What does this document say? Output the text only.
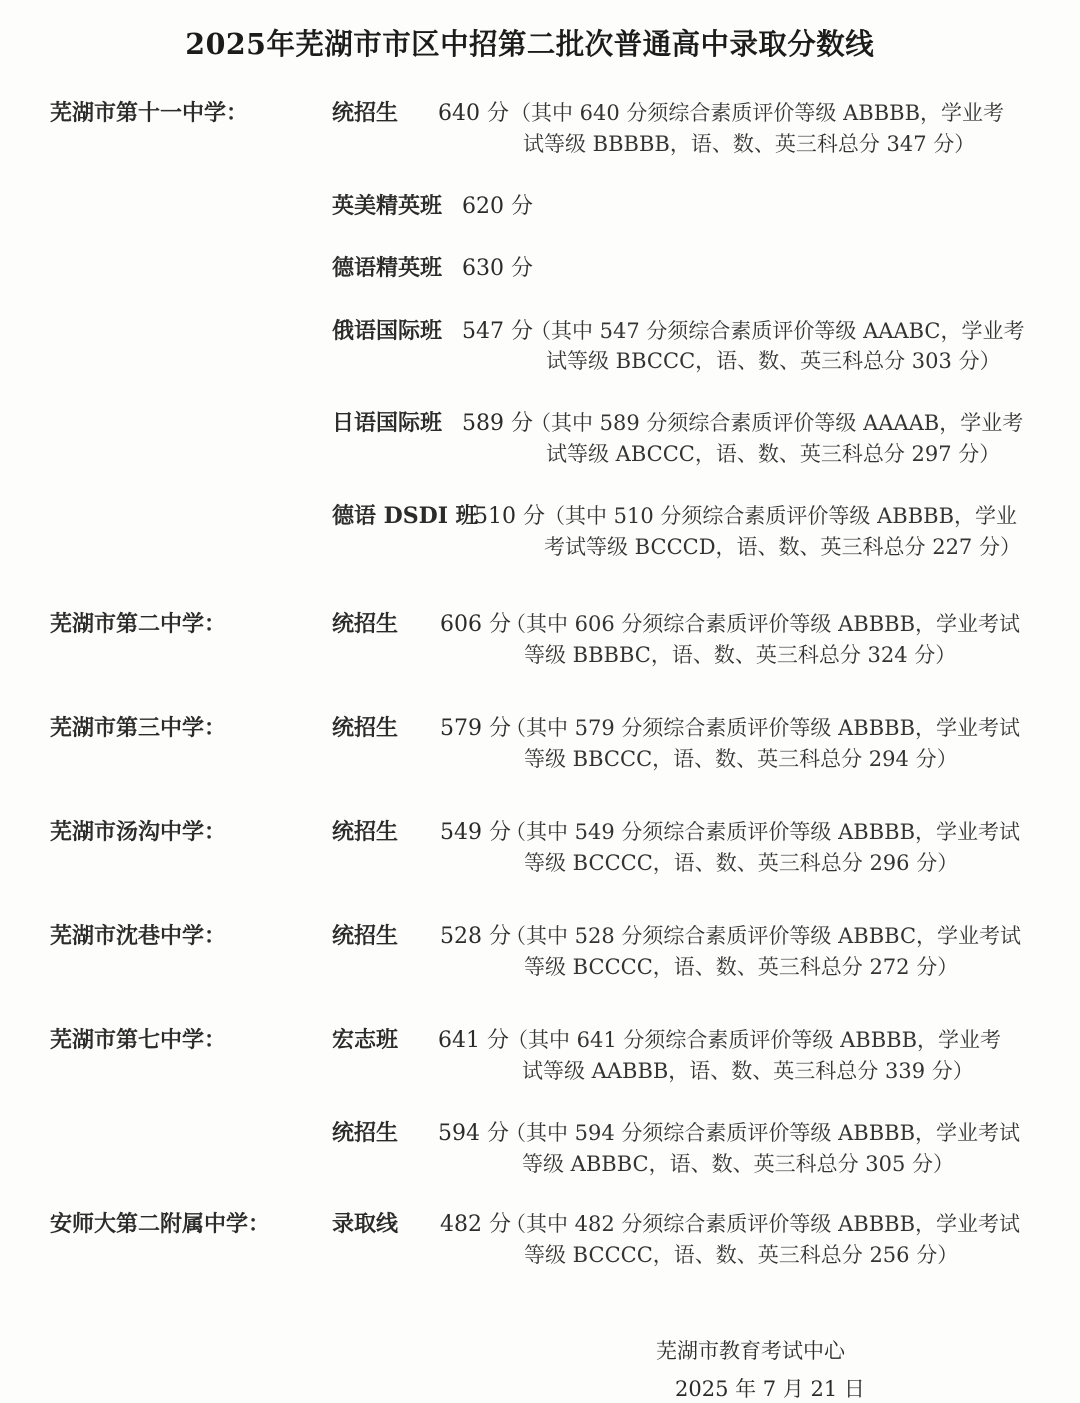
2025年芜湖市市区中招第二批次普通高中录取分数线
芜湖市第十一中学：	统招生 640 分 （其中 640 分须综合素质评价等级 ABBBB，学业考
试等级 BBBBB，语、数、英三科总分 347 分）
英美精英班 620 分
德语精英班 630 分
俄语国际班 547 分
（其中 547 分须综合素质评价等级 AAABC，学业考
试等级 BBCCC，语、数、英三科总分 303 分）
日语国际班 589 分
（其中 589 分须综合素质评价等级 AAAAB，学业考
试等级 ABCCC，语、数、英三科总分 297 分）
德语 DSDI 班
510 分 （其中 510 分须综合素质评价等级 ABBBB，学业
考试等级 BCCCD，语、数、英三科总分 227 分）
芜湖市第二中学：	统招生 606 分
（其中 606 分须综合素质评价等级 ABBBB，学业考试
等级 BBBBC，语、数、英三科总分 324 分）
芜湖市第三中学：	统招生 579 分
（其中 579 分须综合素质评价等级 ABBBB，学业考试
等级 BBCCC，语、数、英三科总分 294 分）
芜湖市汤沟中学：	统招生 549 分
（其中 549 分须综合素质评价等级 ABBBB，学业考试
等级 BCCCC，语、数、英三科总分 296 分）
芜湖市沈巷中学：	统招生 528 分
（其中 528 分须综合素质评价等级 ABBBC，学业考试
等级 BCCCC，语、数、英三科总分 272 分）
芜湖市第七中学：	宏志班 641 分
（其中 641 分须综合素质评价等级 ABBBB，学业考
试等级 AABBB，语、数、英三科总分 339 分）
统招生 594 分
（其中 594 分须综合素质评价等级 ABBBB，学业考试
等级 ABBBC，语、数、英三科总分 305 分）
安师大第二附属中学：	录取线 482 分
（其中 482 分须综合素质评价等级 ABBBB，学业考试
等级 BCCCC，语、数、英三科总分 256 分）
芜湖市教育考试中心
2025 年 7 月 21 日
